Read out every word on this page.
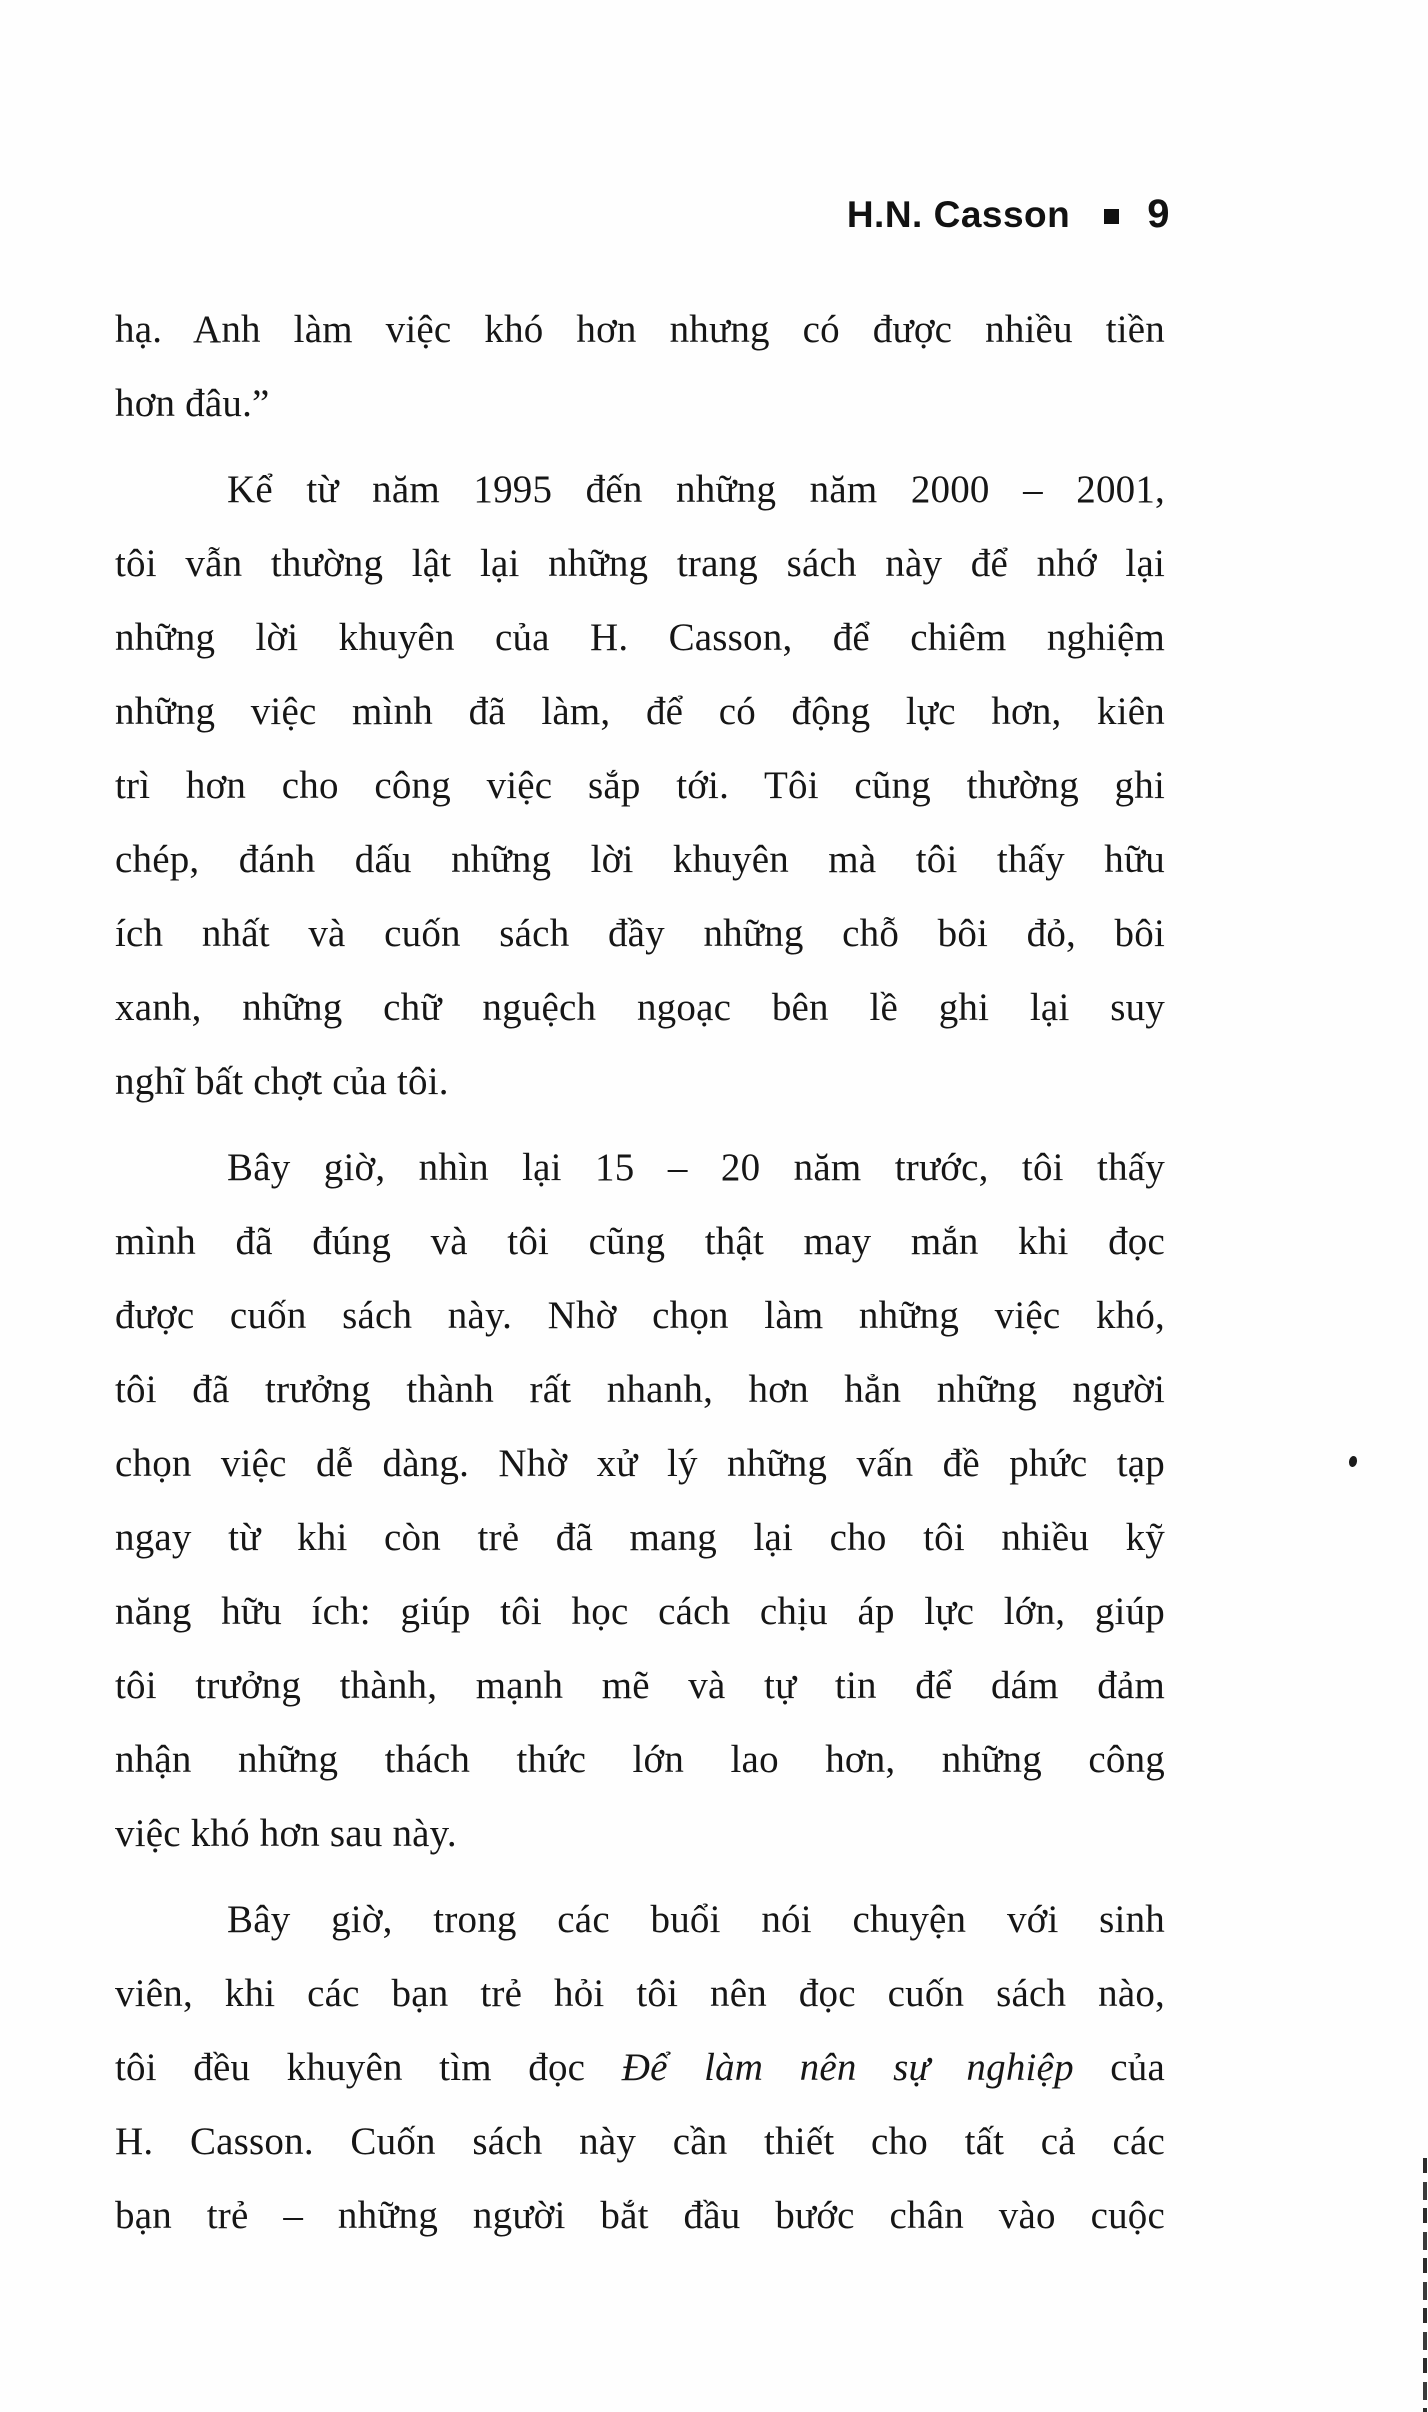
H.N. Casson 9
hạ. Anh làm việc khó hơn nhưng có được nhiều tiền
hơn đâu.”
Kể từ năm 1995 đến những năm 2000 – 2001,
tôi vẫn thường lật lại những trang sách này để nhớ lại
những lời khuyên của H. Casson, để chiêm nghiệm
những việc mình đã làm, để có động lực hơn, kiên
trì hơn cho công việc sắp tới. Tôi cũng thường ghi
chép, đánh dấu những lời khuyên mà tôi thấy hữu
ích nhất và cuốn sách đầy những chỗ bôi đỏ, bôi
xanh, những chữ nguệch ngoạc bên lề ghi lại suy
nghĩ bất chợt của tôi.
Bây giờ, nhìn lại 15 – 20 năm trước, tôi thấy
mình đã đúng và tôi cũng thật may mắn khi đọc
được cuốn sách này. Nhờ chọn làm những việc khó,
tôi đã trưởng thành rất nhanh, hơn hẳn những người
chọn việc dễ dàng. Nhờ xử lý những vấn đề phức tạp
ngay từ khi còn trẻ đã mang lại cho tôi nhiều kỹ
năng hữu ích: giúp tôi học cách chịu áp lực lớn, giúp
tôi trưởng thành, mạnh mẽ và tự tin để dám đảm
nhận những thách thức lớn lao hơn, những công
việc khó hơn sau này.
Bây giờ, trong các buổi nói chuyện với sinh
viên, khi các bạn trẻ hỏi tôi nên đọc cuốn sách nào,
tôi đều khuyên tìm đọc Để làm nên sự nghiệp của
H. Casson. Cuốn sách này cần thiết cho tất cả các
bạn trẻ – những người bắt đầu bước chân vào cuộc
